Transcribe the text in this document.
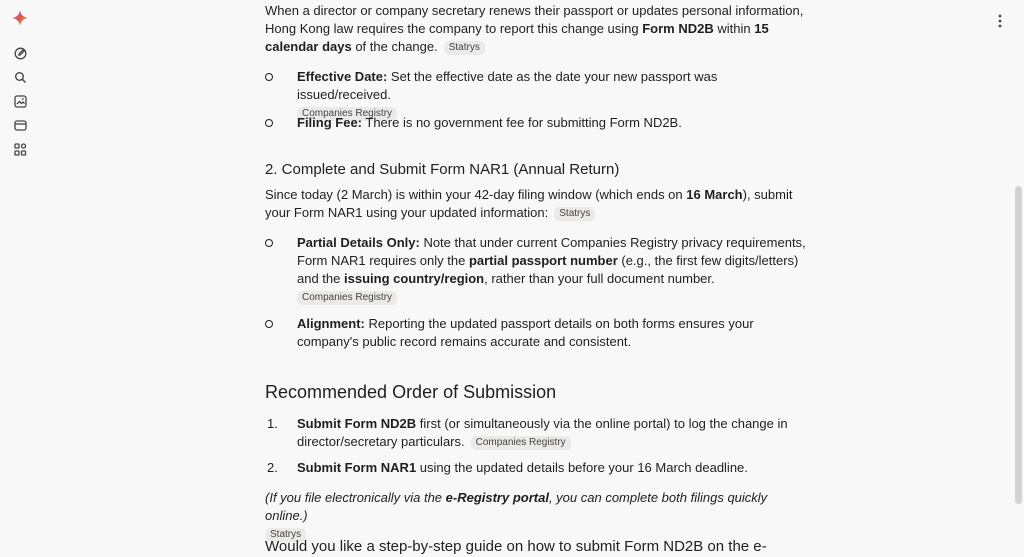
When a director or company secretary renews their passport or updates personal information, Hong Kong law requires the company to report this change using Form ND2B within 15 calendar days of the change. Statrys
Effective Date: Set the effective date as the date your new passport was issued/received.
Companies Registry
Filing Fee: There is no government fee for submitting Form ND2B.
2. Complete and Submit Form NAR1 (Annual Return)
Since today (2 March) is within your 42-day filing window (which ends on 16 March), submit your Form NAR1 using your updated information: Statrys
Partial Details Only: Note that under current Companies Registry privacy requirements, Form NAR1 requires only the partial passport number (e.g., the first few digits/letters) and the issuing country/region, rather than your full document number.
Companies Registry
Alignment: Reporting the updated passport details on both forms ensures your company's public record remains accurate and consistent.
Recommended Order of Submission
1. Submit Form ND2B first (or simultaneously via the online portal) to log the change in director/secretary particulars. Companies Registry
2. Submit Form NAR1 using the updated details before your 16 March deadline.
(If you file electronically via the e-Registry portal, you can complete both filings quickly online.)
Statrys
Would you like a step-by-step guide on how to submit Form ND2B on the e-
